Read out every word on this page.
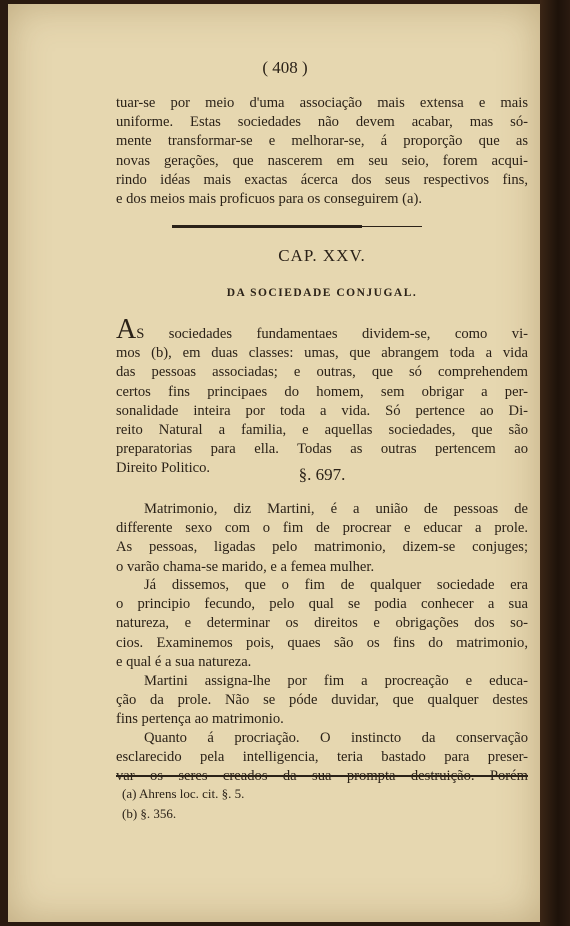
( 408 )
tuar-se por meio d'uma associação mais extensa e mais
uniforme. Estas sociedades não devem acabar, mas só-
mente transformar-se e melhorar-se, á proporção que as
novas gerações, que nascerem em seu seio, forem acqui-
rindo idéas mais exactas ácerca dos seus respectivos fins,
e dos meios mais proficuos para os conseguirem (a).
CAP. XXV.
DA SOCIEDADE CONJUGAL.
AS sociedades fundamentaes dividem-se, como vi-
mos (b), em duas classes: umas, que abrangem toda a vida
das pessoas associadas; e outras, que só comprehendem
certos fins principaes do homem, sem obrigar a per-
sonalidade inteira por toda a vida. Só pertence ao Di-
reito Natural a familia, e aquellas sociedades, que são
preparatorias para ella. Todas as outras pertencem ao
Direito Politico.	§. 697.
Matrimonio, diz Martini, é a união de pessoas de
differente sexo com o fim de procrear e educar a prole.
As pessoas, ligadas pelo matrimonio, dizem-se conjuges;
o varão chama-se marido, e a femea mulher.
Já dissemos, que o fim de qualquer sociedade era
o principio fecundo, pelo qual se podia conhecer a sua
natureza, e determinar os direitos e obrigações dos so-
cios. Examinemos pois, quaes são os fins do matrimonio,
e qual é a sua natureza.
Martini assigna-lhe por fim a procreação e educa-
ção da prole. Não se póde duvidar, que qualquer destes
fins pertença ao matrimonio.
Quanto á procriação. O instincto da conservação
esclarecido pela intelligencia, teria bastado para preser-
var os seres creados da sua prompta destruição. Porém
(a) Ahrens loc. cit. §. 5.
(b) §. 356.
